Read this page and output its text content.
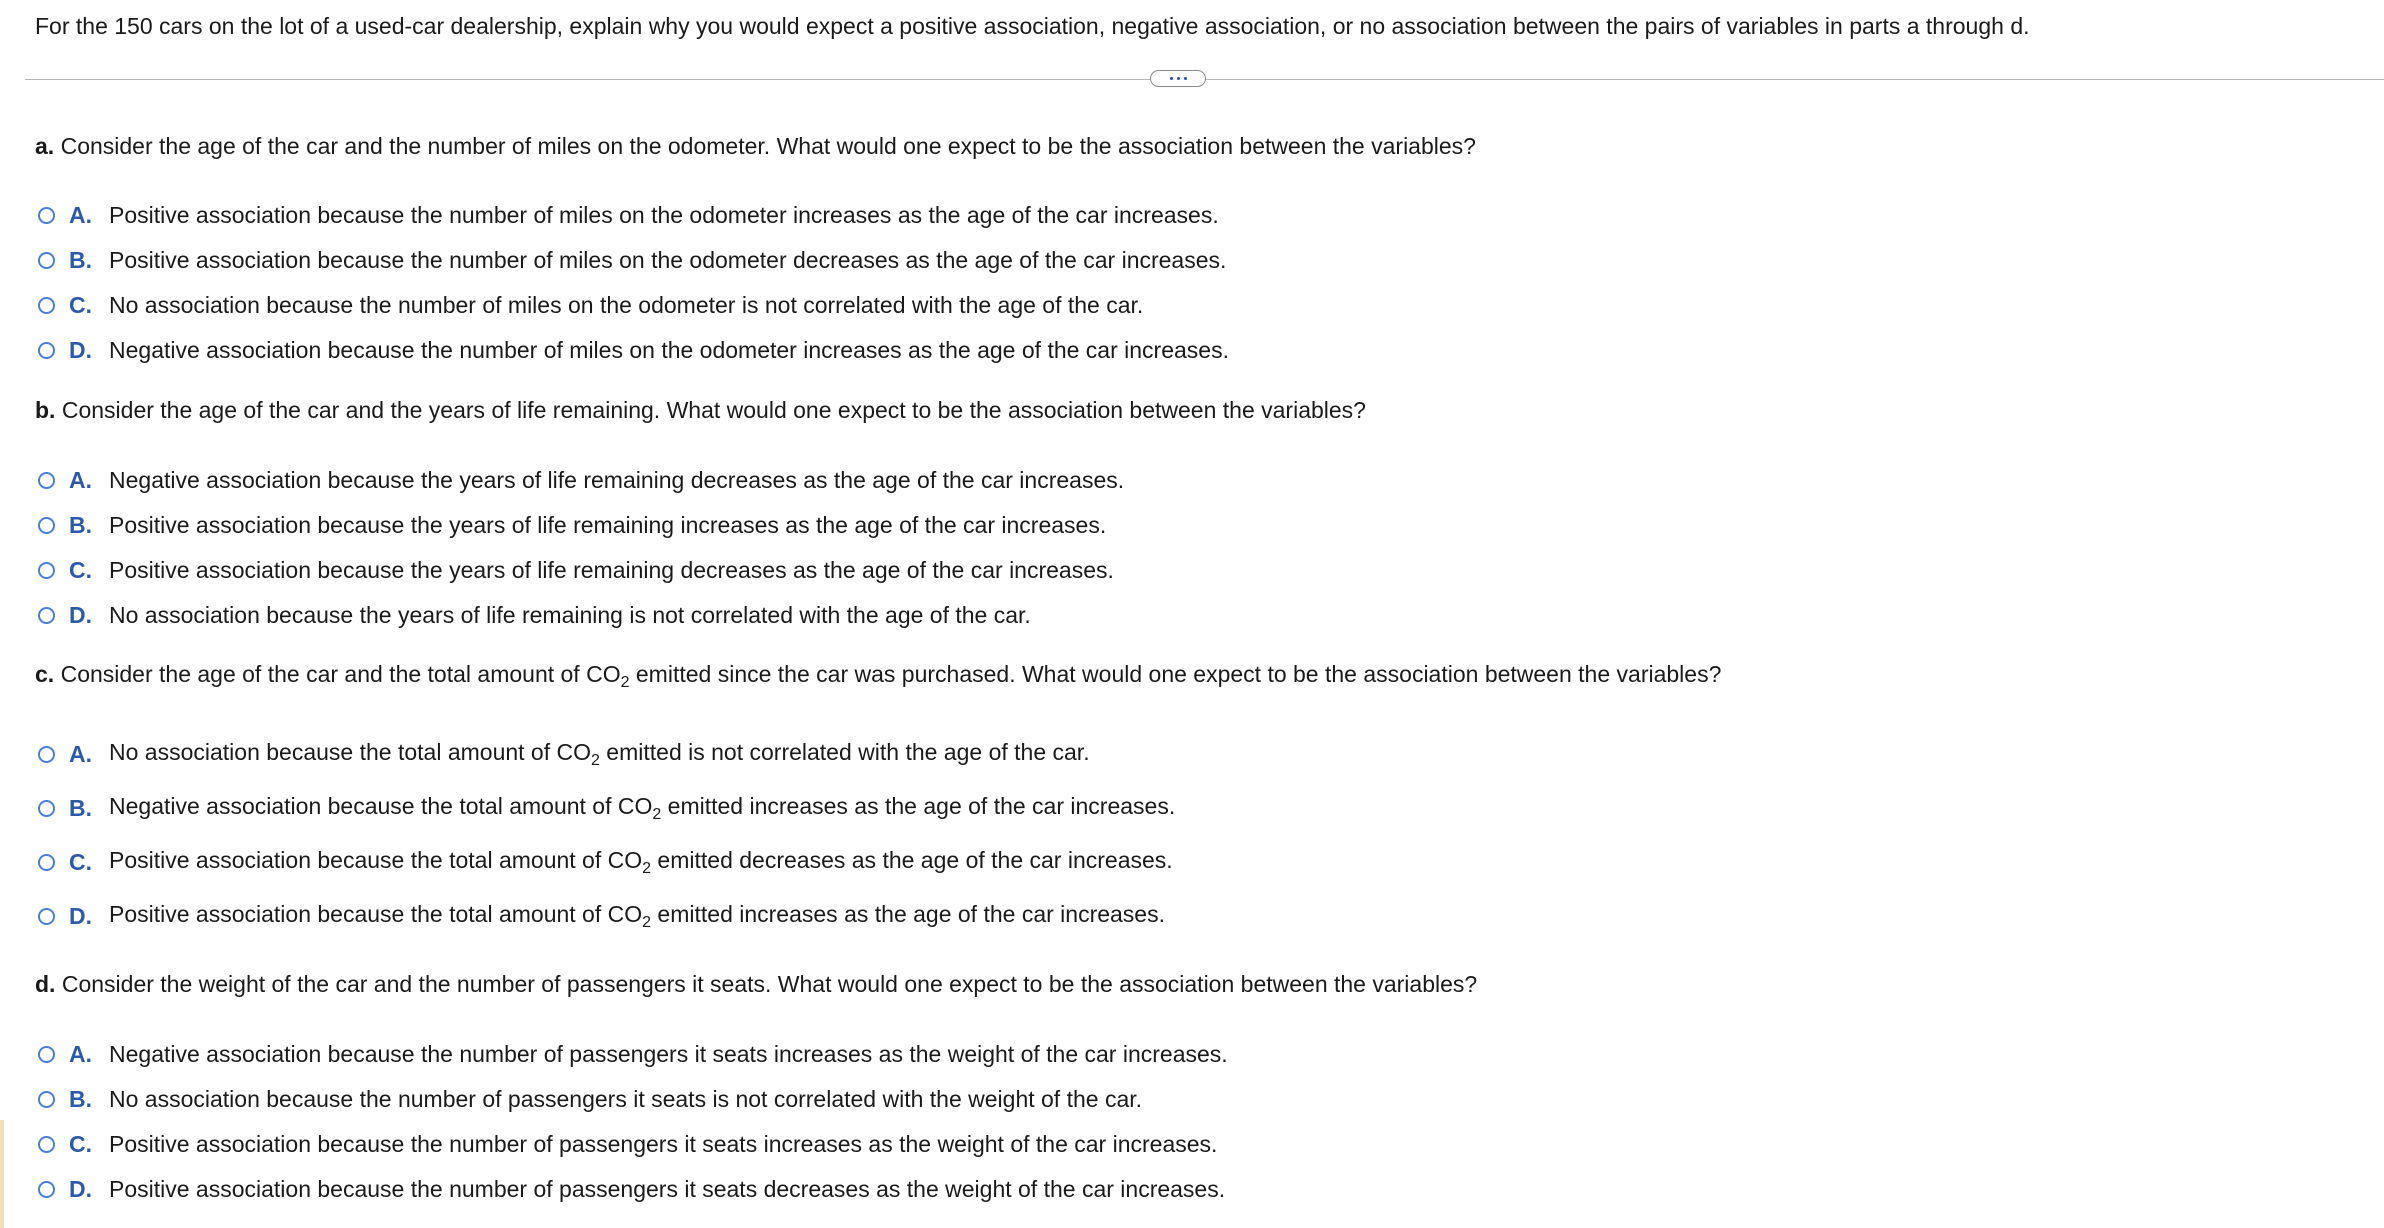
For the 150 cars on the lot of a used-car dealership, explain why you would expect a positive association, negative association, or no association between the pairs of variables in parts a through d.
a. Consider the age of the car and the number of miles on the odometer. What would one expect to be the association between the variables?
A. Positive association because the number of miles on the odometer increases as the age of the car increases.
B. Positive association because the number of miles on the odometer decreases as the age of the car increases.
C. No association because the number of miles on the odometer is not correlated with the age of the car.
D. Negative association because the number of miles on the odometer increases as the age of the car increases.
b. Consider the age of the car and the years of life remaining. What would one expect to be the association between the variables?
A. Negative association because the years of life remaining decreases as the age of the car increases.
B. Positive association because the years of life remaining increases as the age of the car increases.
C. Positive association because the years of life remaining decreases as the age of the car increases.
D. No association because the years of life remaining is not correlated with the age of the car.
c. Consider the age of the car and the total amount of $CO_2$ emitted since the car was purchased. What would one expect to be the association between the variables?
A. No association because the total amount of $CO_2$ emitted is not correlated with the age of the car.
B. Negative association because the total amount of $CO_2$ emitted increases as the age of the car increases.
C. Positive association because the total amount of $CO_2$ emitted decreases as the age of the car increases.
D. Positive association because the total amount of $CO_2$ emitted increases as the age of the car increases.
d. Consider the weight of the car and the number of passengers it seats. What would one expect to be the association between the variables?
A. Negative association because the number of passengers it seats increases as the weight of the car increases.
B. No association because the number of passengers it seats is not correlated with the weight of the car.
C. Positive association because the number of passengers it seats increases as the weight of the car increases.
D. Positive association because the number of passengers it seats decreases as the weight of the car increases.
